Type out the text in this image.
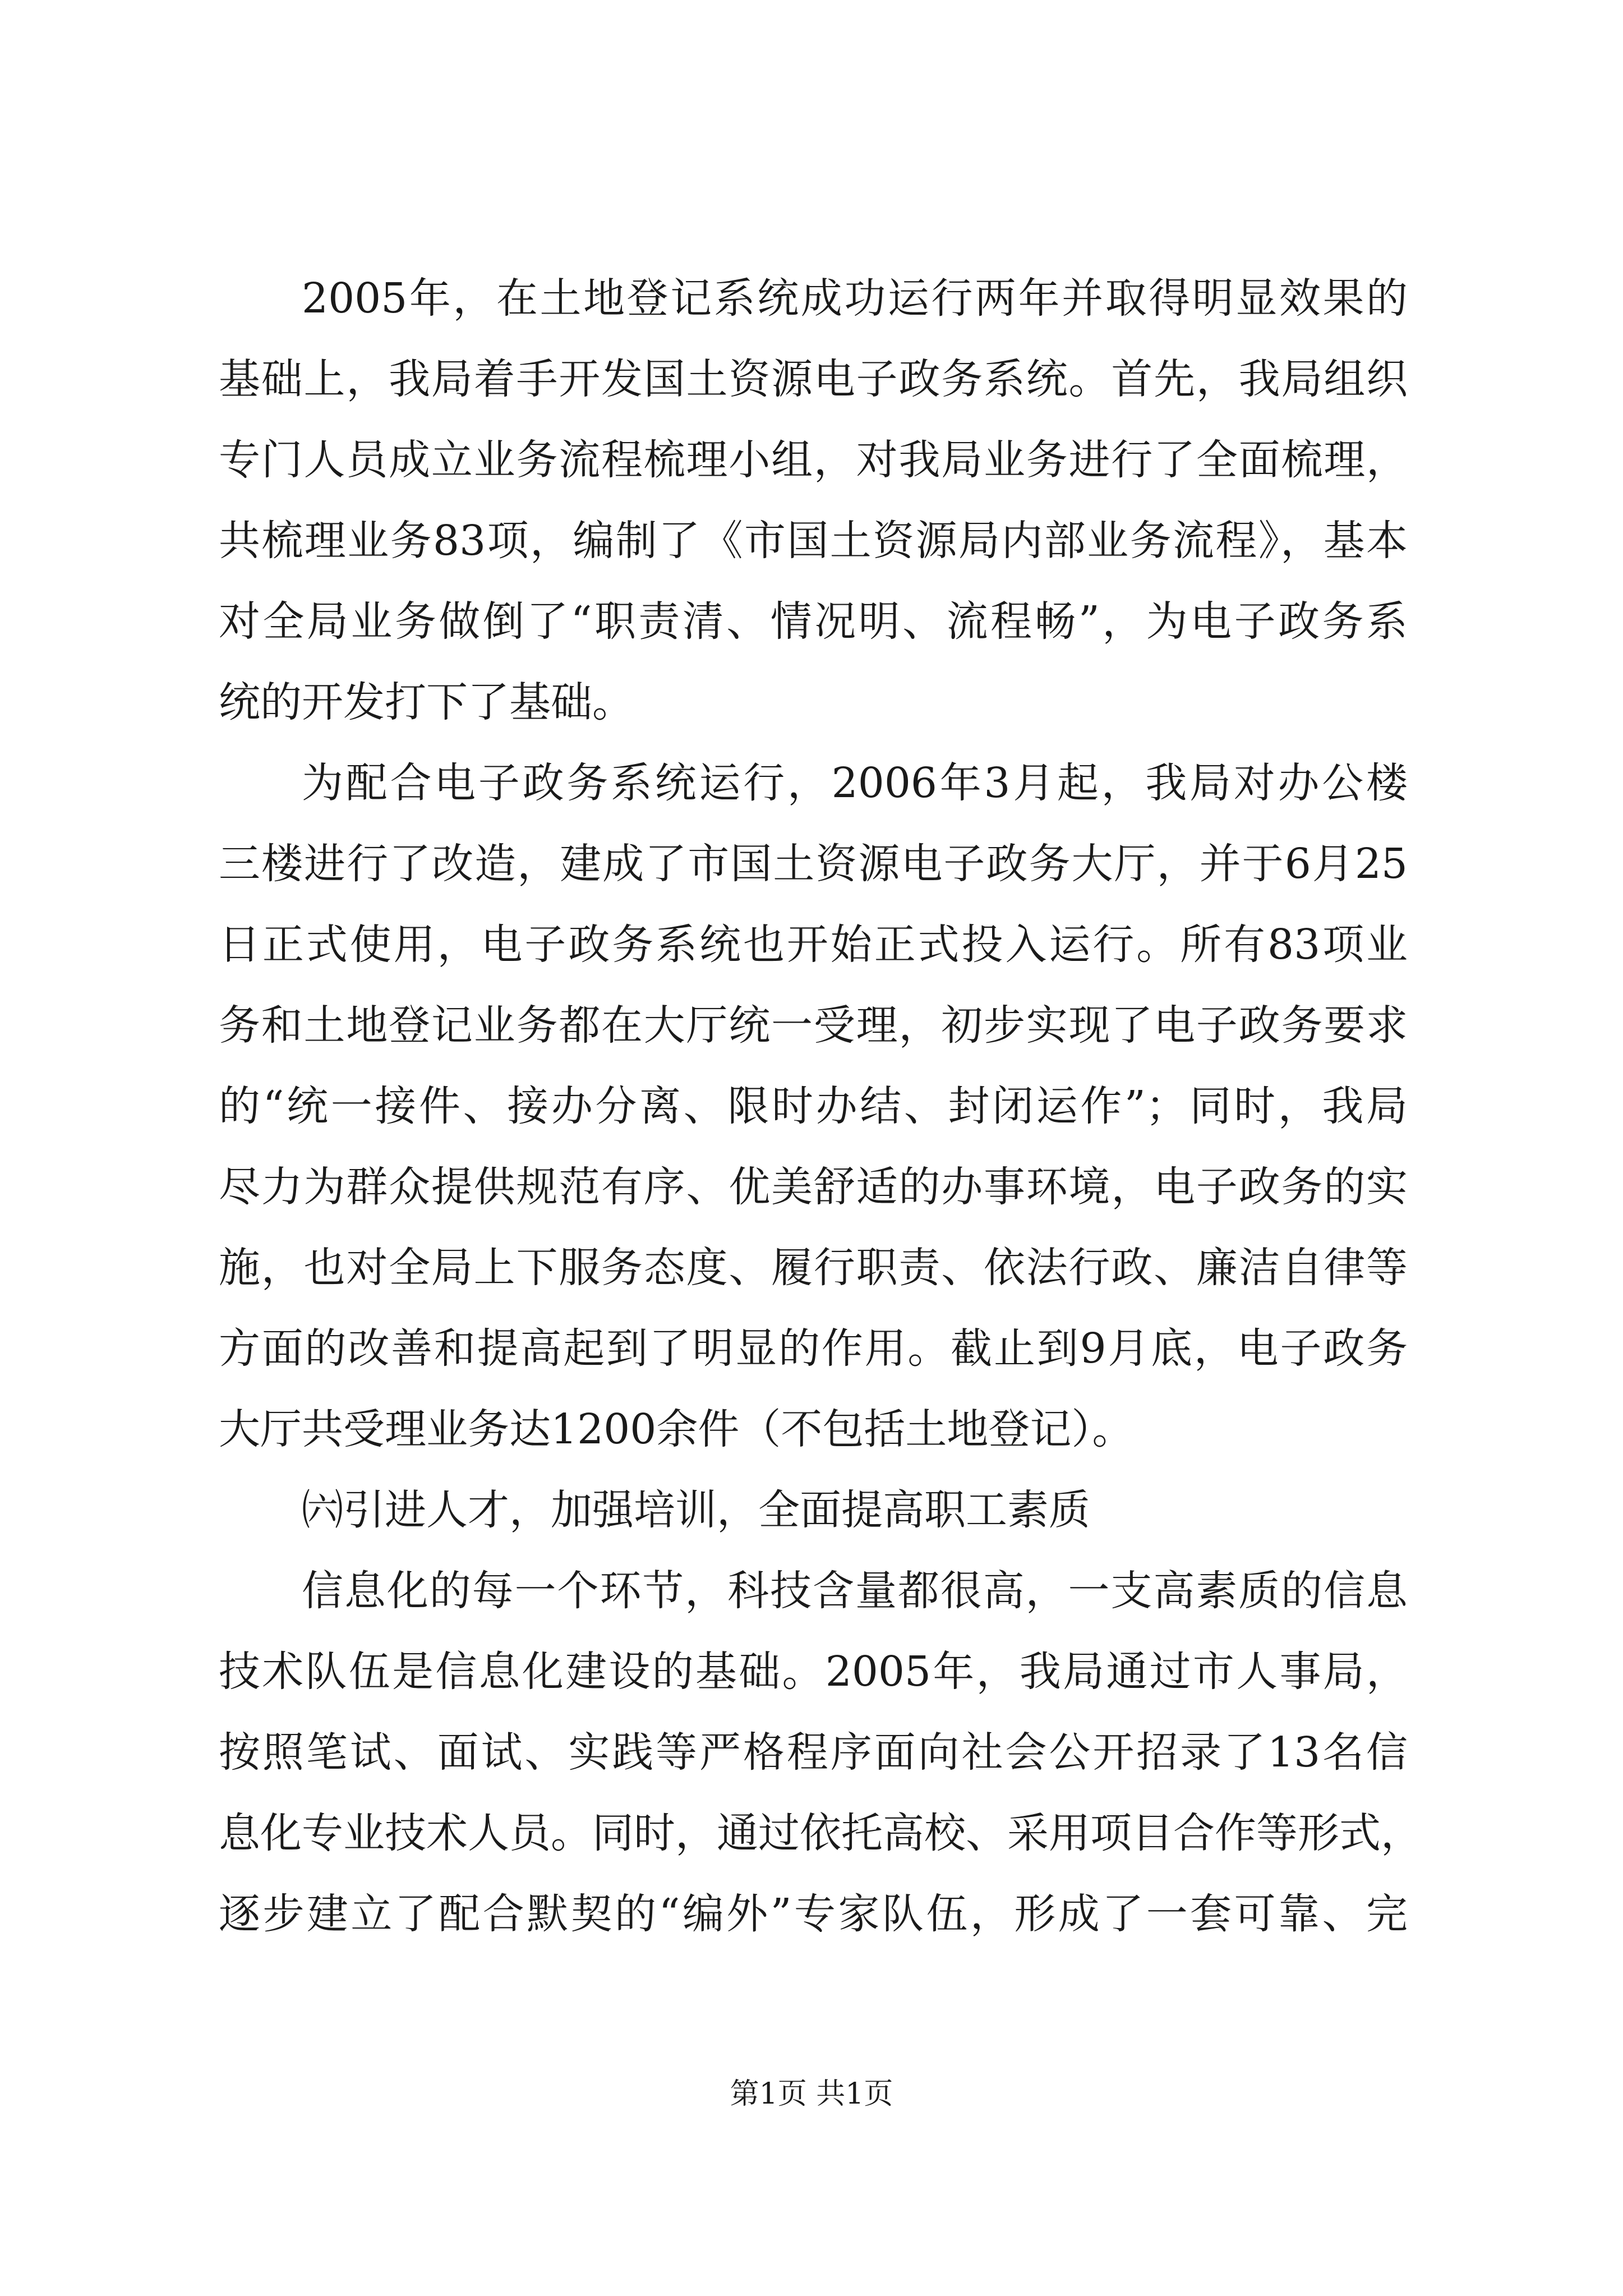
2005年，在土地登记系统成功运行两年并取得明显效果的
基础上，我局着手开发国土资源电子政务系统。首先，我局组织
专门人员成立业务流程梳理小组，对我局业务进行了全面梳理，
共梳理业务83项，编制了《市国土资源局内部业务流程》，基本
对全局业务做倒了“职责清、情况明、流程畅”，为电子政务系
统的开发打下了基础。
为配合电子政务系统运行，2006年3月起，我局对办公楼
三楼进行了改造，建成了市国土资源电子政务大厅，并于6月25
日正式使用，电子政务系统也开始正式投入运行。所有83项业
务和土地登记业务都在大厅统一受理，初步实现了电子政务要求
的“统一接件、接办分离、限时办结、封闭运作”；同时，我局
尽力为群众提供规范有序、优美舒适的办事环境，电子政务的实
施，也对全局上下服务态度、履行职责、依法行政、廉洁自律等
方面的改善和提高起到了明显的作用。截止到9月底，电子政务
大厅共受理业务达1200余件（不包括土地登记）。
㈥引进人才，加强培训，全面提高职工素质
信息化的每一个环节，科技含量都很高，一支高素质的信息
技术队伍是信息化建设的基础。2005年，我局通过市人事局，
按照笔试、面试、实践等严格程序面向社会公开招录了13名信
息化专业技术人员。同时，通过依托高校、采用项目合作等形式，
逐步建立了配合默契的“编外”专家队伍，形成了一套可靠、完
第1页 共1页
